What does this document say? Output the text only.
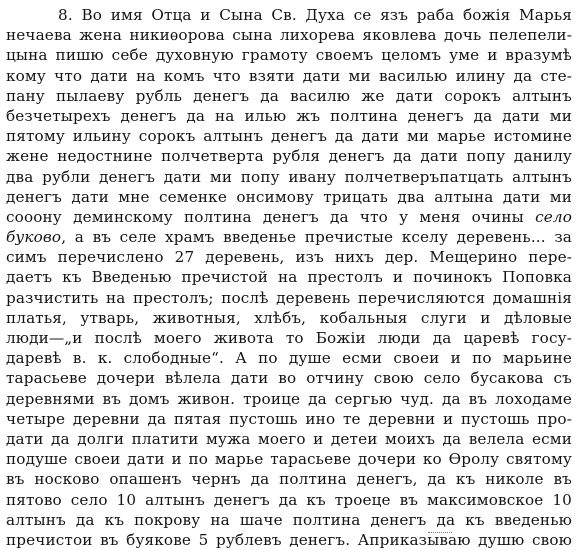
8. Во имя Отца и Сына Св. Духа се язъ раба божія Марья
нечаева жена никиѳорова сына лихорева яковлева дочь пелепели-
цына пишю себе духовную грамоту своемъ целомъ уме и вразумѣ
кому что дати на комъ что взяти дати ми василью илину да сте-
пану пылаеву рубль денегъ да василю же дати сорокъ алтынъ
безчетырехъ денегъ да на илью жъ полтина денегъ да дати ми
пятому ильину сорокъ алтынъ денегъ да дати ми марье истомине
жене недостнине полчетверта рубля денегъ да дати попу данилу
два рубли денегъ дати ми попу ивану полчетверъпатцать алтынъ
денегъ дати мне семенке онсимову трицать два алтына дати ми
сооону деминскому полтина денегъ да что у меня очины село
буково, а въ селе храмъ введенье пречистые кселу деревень... за
симъ перечислено 27 деревень, изъ нихъ дер. Мещерино пере-
даетъ къ Введенью пречистой на престолъ и починокъ Поповка
разчистить на престолъ; послѣ деревень перечисляются домашнія
платья, утварь, животныя, хлѣбъ, кобальныя слуги и дѣловые
люди—„и послѣ моего живота то Божіи люди да царевѣ госу-
даревѣ в. к. слободные“. А по душе есми своеи и по марьине
тарасьеве дочери вѣлела дати во отчину свою село бусакова съ
деревнями въ домъ живон. троице да сергью чуд. да въ лоходаме
четыре деревни да пятая пустошь ино те деревни и пустошь про-
дати да долги платити мужа моего и детеи моихъ да велела есми
подуше своеи дати и по марье тарасьеве дочери ко Ѳролу святому
въ носково опашенъ чернъ да полтина денегъ, да къ николе въ
пятово село 10 алтынъ денегъ да къ троеце въ максимовское 10
алтынъ да къ покрову на шаче полтина денегъ да къ введенью
пречистои въ буякове 5 рублевъ денегъ. Априказываю душю свою
